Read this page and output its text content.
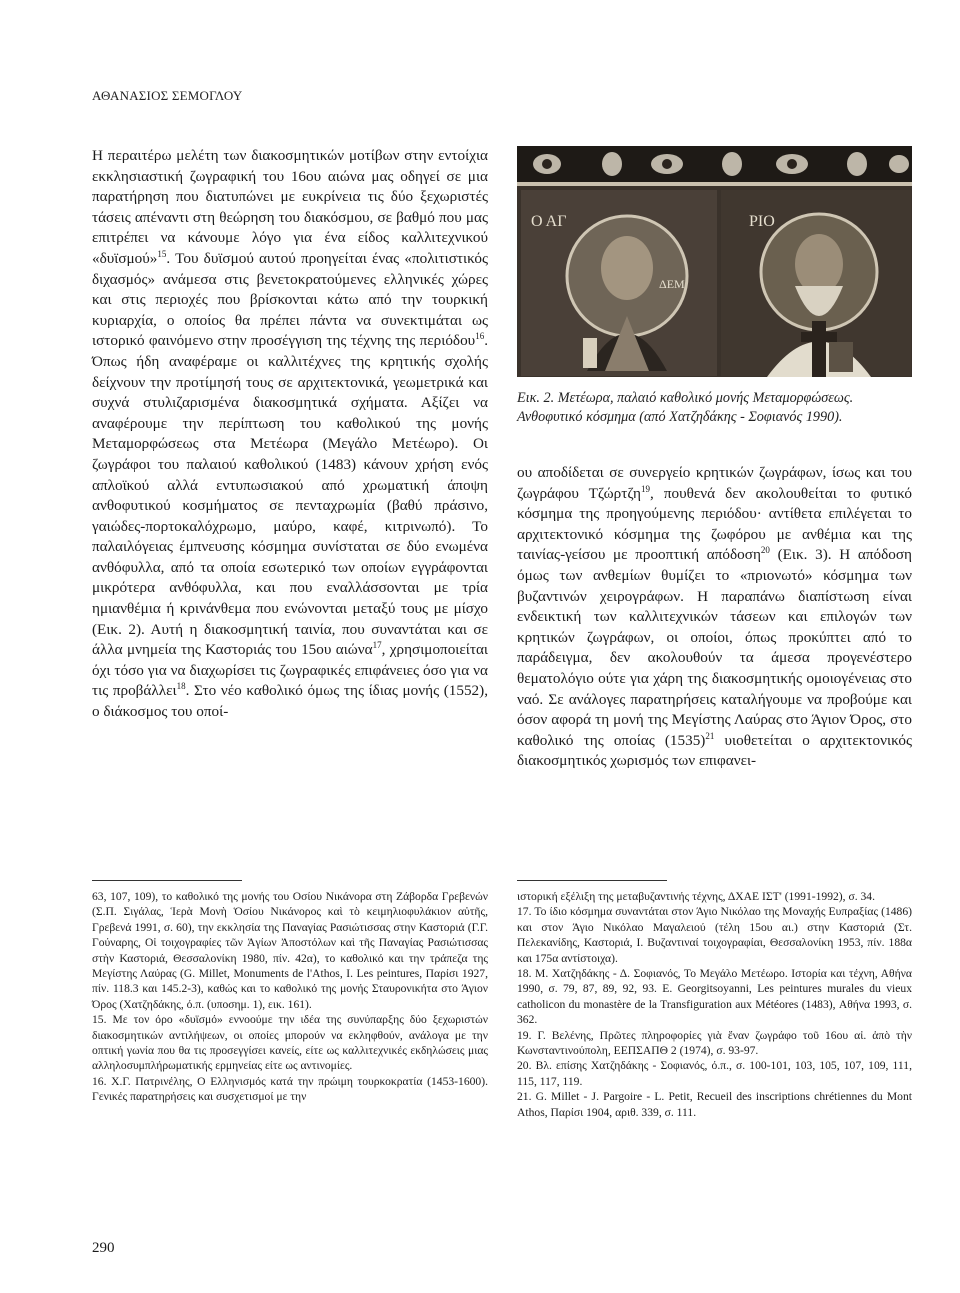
ΑΘΑΝΑΣΙΟΣ ΣΕΜΟΓΛΟΥ

Η περαιτέρω μελέτη των διακοσμητικών μοτίβων στην εντοίχια εκκλησιαστική ζωγραφική του 16ου αιώνα μας οδηγεί σε μια παρατήρηση που διατυπώνει με ευκρίνεια τις δύο ξεχωριστές τάσεις απέναντι στη θεώρηση του διακόσμου, σε βαθμό που μας επιτρέπει να κάνουμε λόγο για ένα είδος καλλιτεχνικού «δυϊσμού»$^{15}$. Του δυϊσμού αυτού προηγείται ένας «πολιτιστικός διχασμός» ανάμεσα στις βενετοκρατούμενες ελληνικές χώρες και στις περιοχές που βρίσκονται κάτω από την τουρκική κυριαρχία, ο οποίος θα πρέπει πάντα να συνεκτιμάται ως ιστορικό φαινόμενο στην προσέγγιση της τέχνης της περιόδου$^{16}$. Όπως ήδη αναφέραμε οι καλλιτέχνες της κρητικής σχολής δείχνουν την προτίμησή τους σε αρχιτεκτονικά, γεωμετρικά και συχνά στυλιζαρισμένα διακοσμητικά σχήματα. Αξίζει να αναφέρουμε την περίπτωση του καθολικού της μονής Μεταμορφώσεως στα Μετέωρα (Μεγάλο Μετέωρο). Οι ζωγράφοι του παλαιού καθολικού (1483) κάνουν χρήση ενός απλοϊκού αλλά εντυπωσιακού από χρωματική άποψη ανθοφυτικού κοσμήματος σε πενταχρωμία (βαθύ πράσινο, γαιώδες-πορτοκαλόχρωμο, μαύρο, καφέ, κιτρινωπό). Το παλαιλόγειας έμπνευσης κόσμημα συνίσταται σε δύο ενωμένα ανθόφυλλα, από τα οποία εσωτερικό των οποίων εγγράφονται μικρότερα ανθόφυλλα, και που εναλλάσσονται με τρία ημιανθέμια ή κρινάνθεμα που ενώνονται μεταξύ τους με μίσχο (Εικ. 2). Αυτή η διακοσμητική ταινία, που συναντάται και σε άλλα μνημεία της Καστοριάς του 15ου αιώνα$^{17}$, χρησιμοποιείται όχι τόσο για να διαχωρίσει τις ζωγραφικές επιφάνειες όσο για να τις προβάλλει$^{18}$. Στο νέο καθολικό όμως της ίδιας μονής (1552), ο διάκοσμος του οποί-

Ο ΑΓ
ΔΕΜ
ΡΙΟ
Εικ. 2. Μετέωρα, παλαιό καθολικό μονής Μεταμορφώσεως.
Ανθοφυτικό κόσμημα (από Χατζηδάκης - Σοφιανός 1990).

ου αποδίδεται σε συνεργείο κρητικών ζωγράφων, ίσως και του ζωγράφου Τζώρτζη$^{19}$, πουθενά δεν ακολουθείται το φυτικό κόσμημα της προηγούμενης περιόδου· αντίθετα επιλέγεται το αρχιτεκτονικό κόσμημα της ζωφόρου με ανθέμια και της ταινίας-γείσου με προοπτική απόδοση$^{20}$ (Εικ. 3). Η απόδοση όμως των ανθεμίων θυμίζει το «πριονωτό» κόσμημα των βυζαντινών χειρογράφων. Η παραπάνω διαπίστωση είναι ενδεικτική των καλλιτεχνικών τάσεων και επιλογών των κρητικών ζωγράφων, οι οποίοι, όπως προκύπτει από το παράδειγμα, δεν ακολουθούν τα άμεσα προγενέστερο θεματολόγιο ούτε για χάρη της διακοσμητικής ομοιογένειας στο ναό. Σε ανάλογες παρατηρήσεις καταλήγουμε να προβούμε και όσον αφορά τη μονή της Μεγίστης Λαύρας στο Άγιον Όρος, στο καθολικό της οποίας $(1535)^{21}$ υιοθετείται ο αρχιτεκτονικός διακοσμητικός χωρισμός των επιφανει-

63, 107, 109), το καθολικό της μονής του Οσίου Νικάνορα στη Ζάβορδα Γρεβενών (Σ.Π. Σιγάλας, Ἱερὰ Μονὴ Ὁσίου Νικάνορος καὶ τὸ κειμηλιοφυλάκιον αὐτῆς, Γρεβενά 1991, σ. 60), την εκκλησία της Παναγίας Ρασιώτισσας στην Καστοριά (Γ.Γ. Γούναρης, Οἱ τοιχογραφίες τῶν Ἁγίων Ἀποστόλων καὶ τῆς Παναγίας Ρασιώτισσας στὴν Καστοριά, Θεσσαλονίκη 1980, πίν. 42α), το καθολικό και την τράπεζα της Μεγίστης Λαύρας (G. Millet, Monuments de l'Athos, I. Les peintures, Παρίσι 1927, πίν. 118.3 και 145.2-3), καθώς και το καθολικό της μονής Σταυρονικήτα στο Άγιον Όρος (Χατζηδάκης, ό.π. (υποσημ. 1), εικ. 161).

15. Με τον όρο «δυϊσμό» εννοούμε την ιδέα της συνύπαρξης δύο ξεχωριστών διακοσμητικών αντιλήψεων, οι οποίες μπορούν να εκληφθούν, ανάλογα με την οπτική γωνία που θα τις προσεγγίσει κανείς, είτε ως καλλιτεχνικές εκδηλώσεις μιας αλληλοσυμπλήρωματικής ερμηνείας είτε ως αντινομίες.

16. Χ.Γ. Πατρινέλης, Ο Ελληνισμός κατά την πρώιμη τουρκοκρατία (1453-1600). Γενικές παρατηρήσεις και συσχετισμοί με την

ιστορική εξέλιξη της μεταβυζαντινής τέχνης, ΔΧΑΕ ΙΣΤ' (1991-1992), σ. 34.

17. Το ίδιο κόσμημα συναντάται στον Άγιο Νικόλαο της Μοναχής Ευπραξίας (1486) και στον Άγιο Νικόλαο Μαγαλειού (τέλη 15ου αι.) στην Καστοριά (Στ. Πελεκανίδης, Καστοριά, Ι. Βυζαντιναί τοιχογραφίαι, Θεσσαλονίκη 1953, πίν. 188α και 175α αντίστοιχα).

18. Μ. Χατζηδάκης - Δ. Σοφιανός, Το Μεγάλο Μετέωρο. Ιστορία και τέχνη, Αθήνα 1990, σ. 79, 87, 89, 92, 93. E. Georgitsoyanni, Les peintures murales du vieux catholicon du monastère de la Transfiguration aux Météores (1483), Αθήνα 1993, σ. 362.

19. Γ. Βελένης, Πρῶτες πληροφορίες γιὰ ἕναν ζωγράφο τοῦ 16ου αἰ. ἀπὸ τὴν Κωνσταντινούπολη, ΕΕΠΣΑΠΘ 2 (1974), σ. 93-97.

20. Βλ. επίσης Χατζηδάκης - Σοφιανός, ό.π., σ. 100-101, 103, 105, 107, 109, 111, 115, 117, 119.

21. G. Millet - J. Pargoire - L. Petit, Recueil des inscriptions chrétiennes du Mont Athos, Παρίσι 1904, αριθ. 339, σ. 111.

290
